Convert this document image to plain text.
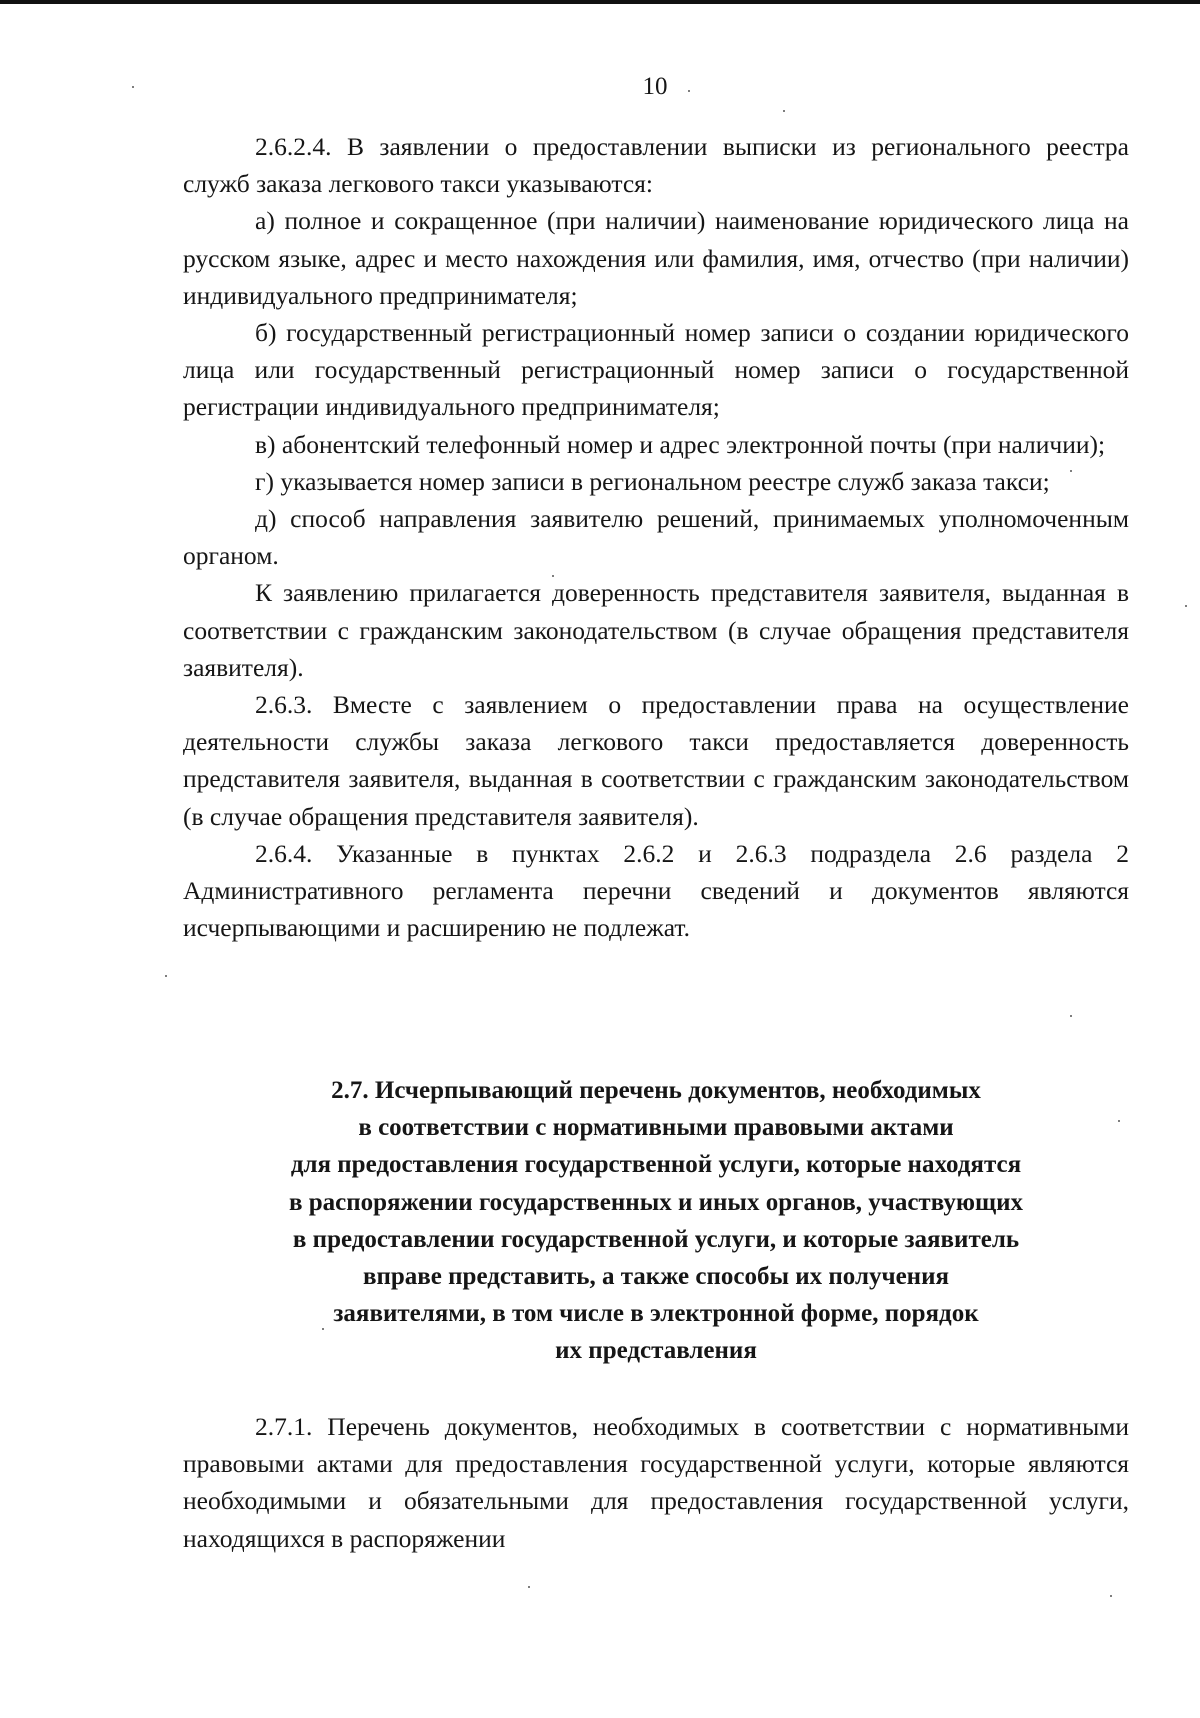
10

2.6.2.4. В заявлении о предоставлении выписки из регионального реестра служб заказа легкового такси указываются:

а) полное и сокращенное (при наличии) наименование юридического лица на русском языке, адрес и место нахождения или фамилия, имя, отчество (при наличии) индивидуального предпринимателя;

б) государственный регистрационный номер записи о создании юридического лица или государственный регистрационный номер записи о государственной регистрации индивидуального предпринимателя;

в) абонентский телефонный номер и адрес электронной почты (при наличии);

г) указывается номер записи в региональном реестре служб заказа такси;

д) способ направления заявителю решений, принимаемых уполномоченным органом.

К заявлению прилагается доверенность представителя заявителя, выданная в соответствии с гражданским законодательством (в случае обращения представителя заявителя).

2.6.3. Вместе с заявлением о предоставлении права на осуществление деятельности службы заказа легкового такси предоставляется доверенность представителя заявителя, выданная в соответствии с гражданским законодательством (в случае обращения представителя заявителя).

2.6.4. Указанные в пунктах 2.6.2 и 2.6.3 подраздела 2.6 раздела 2 Административного регламента перечни сведений и документов являются исчерпывающими и расширению не подлежат.

2.7. Исчерпывающий перечень документов, необходимых
в соответствии с нормативными правовыми актами
для предоставления государственной услуги, которые находятся
в распоряжении государственных и иных органов, участвующих
в предоставлении государственной услуги, и которые заявитель
вправе представить, а также способы их получения
заявителями, в том числе в электронной форме, порядок
их представления

2.7.1. Перечень документов, необходимых в соответствии с нормативными правовыми актами для предоставления государственной услуги, которые являются необходимыми и обязательными для предоставления государственной услуги, находящихся в распоряжении
